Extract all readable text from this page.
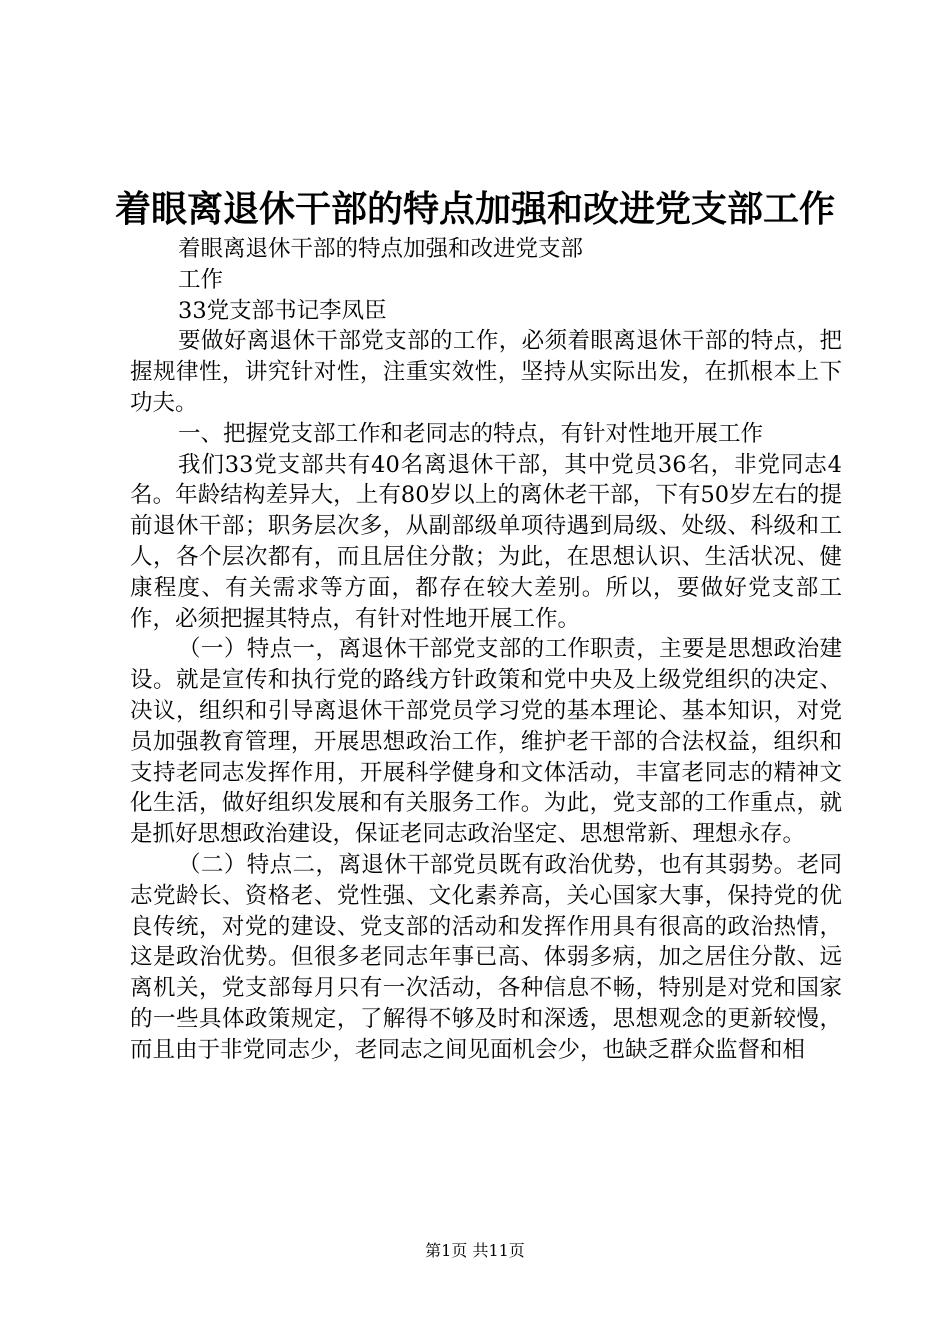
着眼离退休干部的特点加强和改进党支部工作

着眼离退休干部的特点加强和改进党支部

工作

33党支部书记李凤臣

要做好离退休干部党支部的工作，必须着眼离退休干部的特点，把握规律性，讲究针对性，注重实效性，坚持从实际出发，在抓根本上下功夫。

一、把握党支部工作和老同志的特点，有针对性地开展工作

我们33党支部共有40名离退休干部，其中党员36名，非党同志4名。年龄结构差异大，上有80岁以上的离休老干部，下有50岁左右的提前退休干部；职务层次多，从副部级单项待遇到局级、处级、科级和工人，各个层次都有，而且居住分散；为此，在思想认识、生活状况、健康程度、有关需求等方面，都存在较大差别。所以，要做好党支部工作，必须把握其特点，有针对性地开展工作。

（一）特点一，离退休干部党支部的工作职责，主要是思想政治建设。就是宣传和执行党的路线方针政策和党中央及上级党组织的决定、决议，组织和引导离退休干部党员学习党的基本理论、基本知识，对党员加强教育管理，开展思想政治工作，维护老干部的合法权益，组织和支持老同志发挥作用，开展科学健身和文体活动，丰富老同志的精神文化生活，做好组织发展和有关服务工作。为此，党支部的工作重点，就是抓好思想政治建设，保证老同志政治坚定、思想常新、理想永存。

（二）特点二，离退休干部党员既有政治优势，也有其弱势。老同志党龄长、资格老、党性强、文化素养高，关心国家大事，保持党的优良传统，对党的建设、党支部的活动和发挥作用具有很高的政治热情，这是政治优势。但很多老同志年事已高、体弱多病，加之居住分散、远离机关，党支部每月只有一次活动，各种信息不畅，特别是对党和国家的一些具体政策规定，了解得不够及时和深透，思想观念的更新较慢，而且由于非党同志少，老同志之间见面机会少，也缺乏群众监督和相

第1页 共11页
